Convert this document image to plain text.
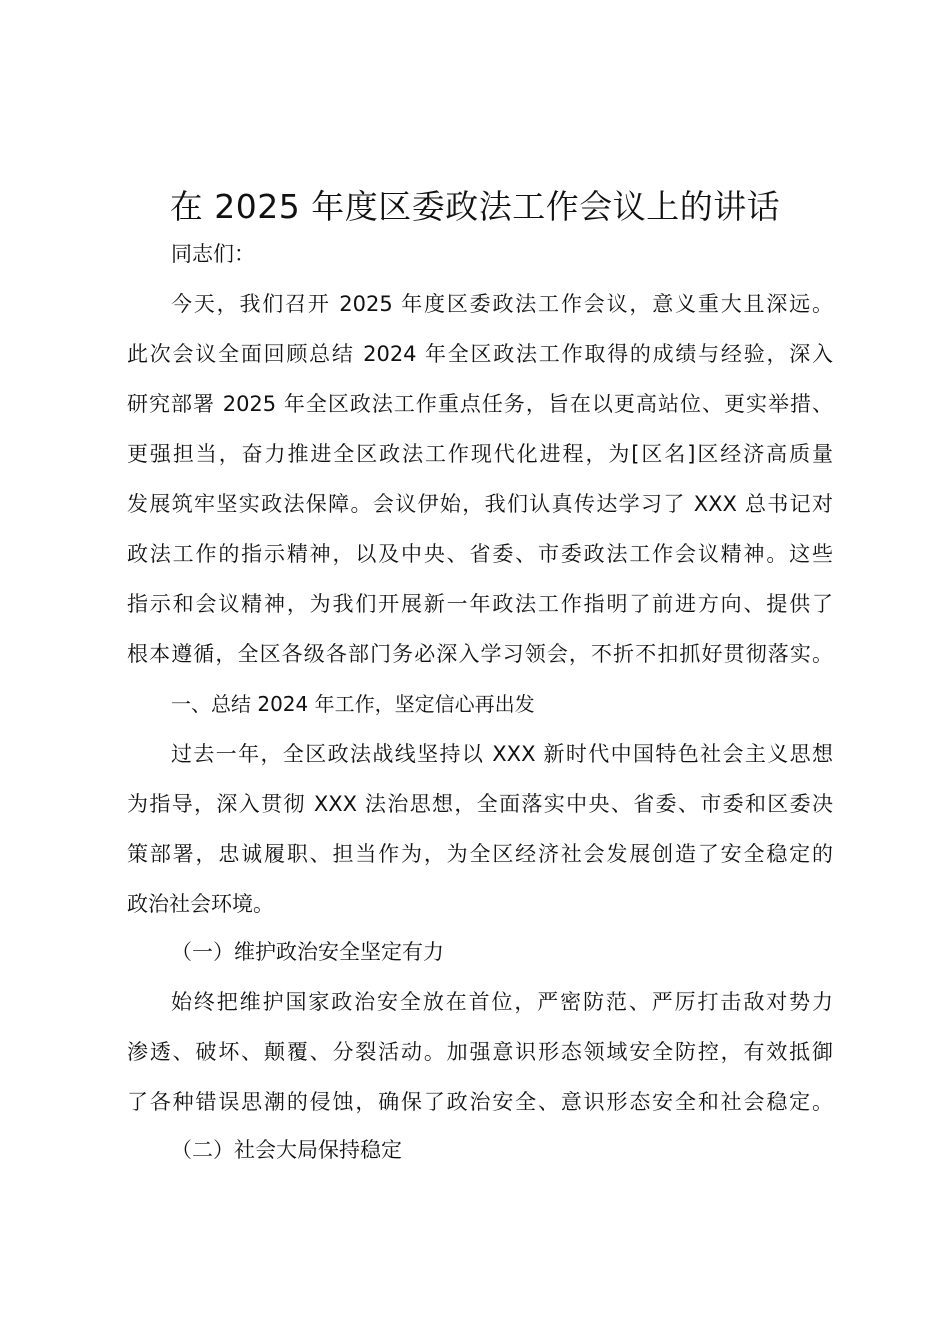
在 2025 年度区委政法工作会议上的讲话
同志们：
今天，我们召开 2025 年度区委政法工作会议，意义重大且深远。
此次会议全面回顾总结 2024 年全区政法工作取得的成绩与经验，深入
研究部署 2025 年全区政法工作重点任务，旨在以更高站位、更实举措、
更强担当，奋力推进全区政法工作现代化进程，为[区名]区经济高质量
发展筑牢坚实政法保障。会议伊始，我们认真传达学习了 XXX 总书记对
政法工作的指示精神，以及中央、省委、市委政法工作会议精神。这些
指示和会议精神，为我们开展新一年政法工作指明了前进方向、提供了
根本遵循，全区各级各部门务必深入学习领会，不折不扣抓好贯彻落实。
一、总结 2024 年工作，坚定信心再出发
过去一年，全区政法战线坚持以 XXX 新时代中国特色社会主义思想
为指导，深入贯彻 XXX 法治思想，全面落实中央、省委、市委和区委决
策部署，忠诚履职、担当作为，为全区经济社会发展创造了安全稳定的
政治社会环境。
（一）维护政治安全坚定有力
始终把维护国家政治安全放在首位，严密防范、严厉打击敌对势力
渗透、破坏、颠覆、分裂活动。加强意识形态领域安全防控，有效抵御
了各种错误思潮的侵蚀，确保了政治安全、意识形态安全和社会稳定。
（二）社会大局保持稳定
